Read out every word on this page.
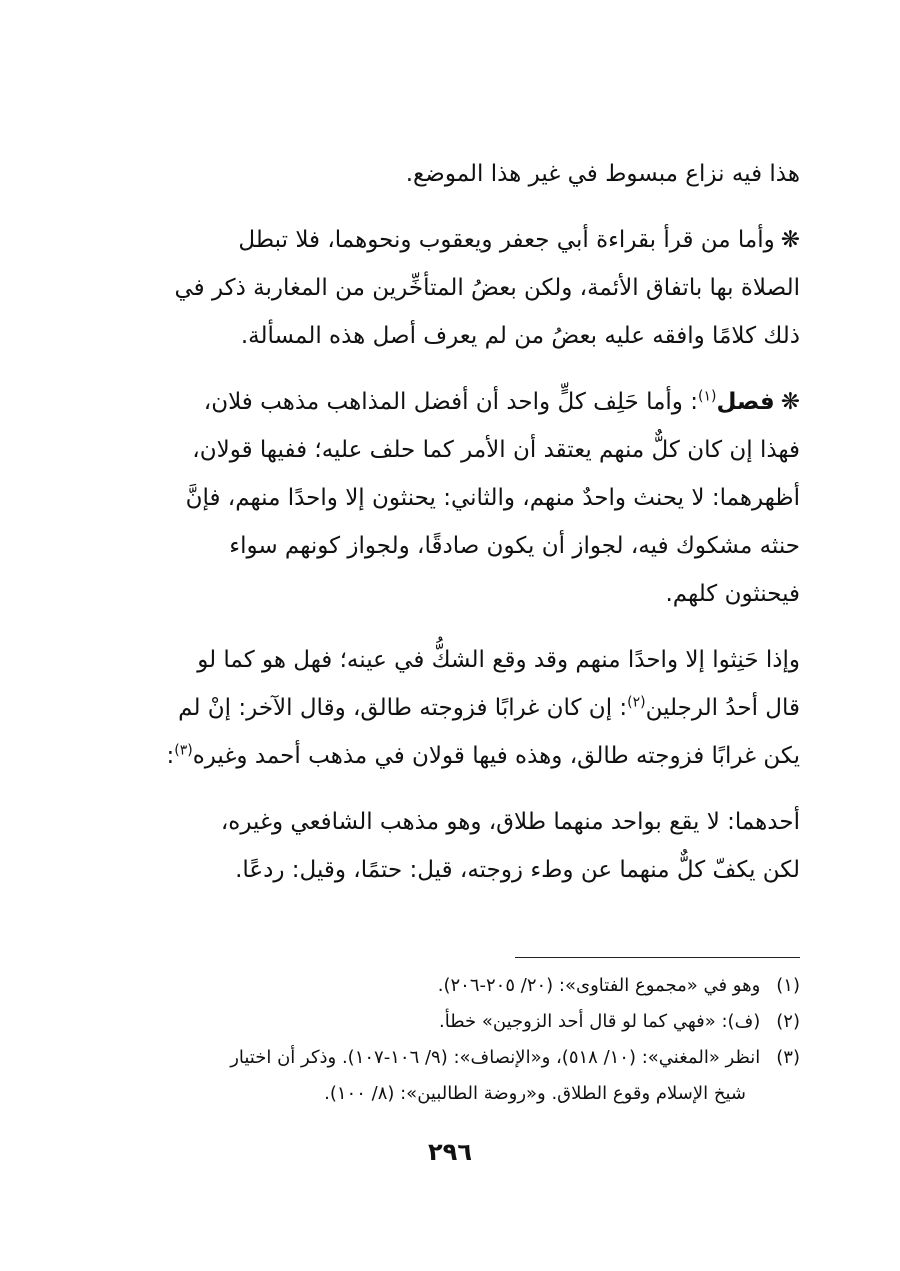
هذا فيه نزاع مبسوط في غير هذا الموضع.

❋وأما من قرأ بقراءة أبي جعفر ويعقوب ونحوهما، فلا تبطل
الصلاة بها باتفاق الأئمة، ولكن بعضُ المتأخِّرين من المغاربة ذكر في
ذلك كلامًا وافقه عليه بعضُ من لم يعرف أصل هذه المسألة.

❋فصل$^{(١)}$: وأما حَلِف كلٍّ واحد أن أفضل المذاهب مذهب فلان،
فهذا إن كان كلٌّ منهم يعتقد أن الأمر كما حلف عليه؛ ففيها قولان،
أظهرهما: لا يحنث واحدٌ منهم، والثاني: يحنثون إلا واحدًا منهم، فإنَّ
حنثه مشكوك فيه، لجواز أن يكون صادقًا، ولجواز كونهم سواء
فيحنثون كلهم.

وإذا حَنِثوا إلا واحدًا منهم وقد وقع الشكُّ في عينه؛ فهل هو كما لو
قال أحدُ الرجلين$^{(٢)}$: إن كان غرابًا فزوجته طالق، وقال الآخر: إنْ لم
يكن غرابًا فزوجته طالق، وهذه فيها قولان في مذهب أحمد وغيره$^{(٣)}$:

أحدهما: لا يقع بواحد منهما طلاق، وهو مذهب الشافعي وغيره،
لكن يكفّ كلٌّ منهما عن وطء زوجته، قيل: حتمًا، وقيل: ردعًا.

(١) وهو في «مجموع الفتاوى»: (٢٠/ ٢٠٥-٢٠٦).
(٢) (ف): «فهي كما لو قال أحد الزوجين» خطأ.
(٣) انظر «المغني»: (١٠/ ٥١٨)، و«الإنصاف»: (٩/ ١٠٦-١٠٧). وذكر أن اختيار
شيخ الإسلام وقوع الطلاق. و«روضة الطالبين»: (٨/ ١٠٠).
٢٩٦
